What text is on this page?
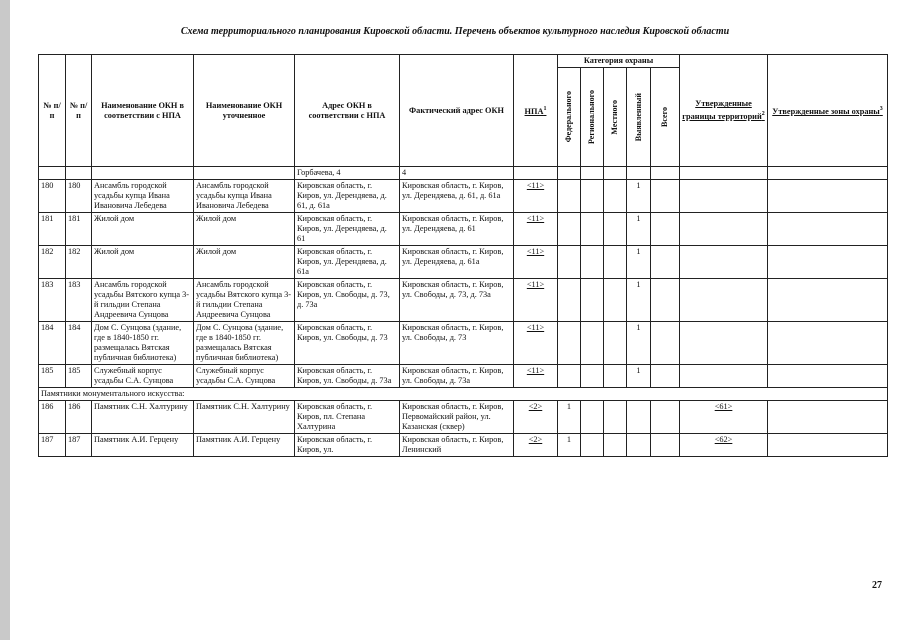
Схема территориального планирования Кировской области. Перечень объектов культурного наследия Кировской области
№ п/п	№ п/п	Наименование ОКН в соответствии с НПА	Наименование ОКН уточненное	Адрес ОКН в соответствии с НПА	Фактический адрес ОКН	НПА$^1$	Категория охраны					Утвержденные границы территорий$^2$	Утвержденные зоны охраны$^3$

							Федерального	Регионального	Местного	Выявленный	Всего		

				Горбачева, 4	4								
180	180	Ансамбль городской усадьбы купца Ивана Ивановича Лебедева	Ансамбль городской усадьбы купца Ивана Ивановича Лебедева	Кировская область, г. Киров, ул. Дерендяева, д. 61, д. 61а	Кировская область, г. Киров, ул. Дерендяева, д. 61, д. 61а	<11>				1			
181	181	Жилой дом	Жилой дом	Кировская область, г. Киров, ул. Дерендяева, д. 61	Кировская область, г. Киров, ул. Дерендяева, д. 61	<11>				1			
182	182	Жилой дом	Жилой дом	Кировская область, г. Киров, ул. Дерендяева, д. 61а	Кировская область, г. Киров, ул. Дерендяева, д. 61а	<11>				1			
183	183	Ансамбль городской усадьбы Вятского купца 3-й гильдии Степана Андреевича Сунцова	Ансамбль городской усадьбы Вятского купца 3-й гильдии Степана Андреевича Сунцова	Кировская область, г. Киров, ул. Свободы, д. 73, д. 73а	Кировская область, г. Киров, ул. Свободы, д. 73, д. 73а	<11>				1			
184	184	Дом С. Сунцова (здание, где в 1840-1850 гг. размещалась Вятская публичная библиотека)	Дом С. Сунцова (здание, где в 1840-1850 гг. размещалась Вятская публичная библиотека)	Кировская область, г. Киров, ул. Свободы, д. 73	Кировская область, г. Киров, ул. Свободы, д. 73	<11>				1			
185	185	Служебный корпус усадьбы С.А. Сунцова	Служебный корпус усадьбы С.А. Сунцова	Кировская область, г. Киров, ул. Свободы, д. 73а	Кировская область, г. Киров, ул. Свободы, д. 73а	<11>				1			
Памятники монументального искусства:													
186	186	Памятник С.Н. Халтурину	Памятник С.Н. Халтурину	Кировская область, г. Киров, пл. Степана Халтурина	Кировская область, г. Киров, Первомайский район, ул. Казанская (сквер)	<2>	1					<61>	
187	187	Памятник А.И. Герцену	Памятник А.И. Герцену	Кировская область, г. Киров, ул.	Кировская область, г. Киров, Ленинский	<2>	1					<62>	
27
